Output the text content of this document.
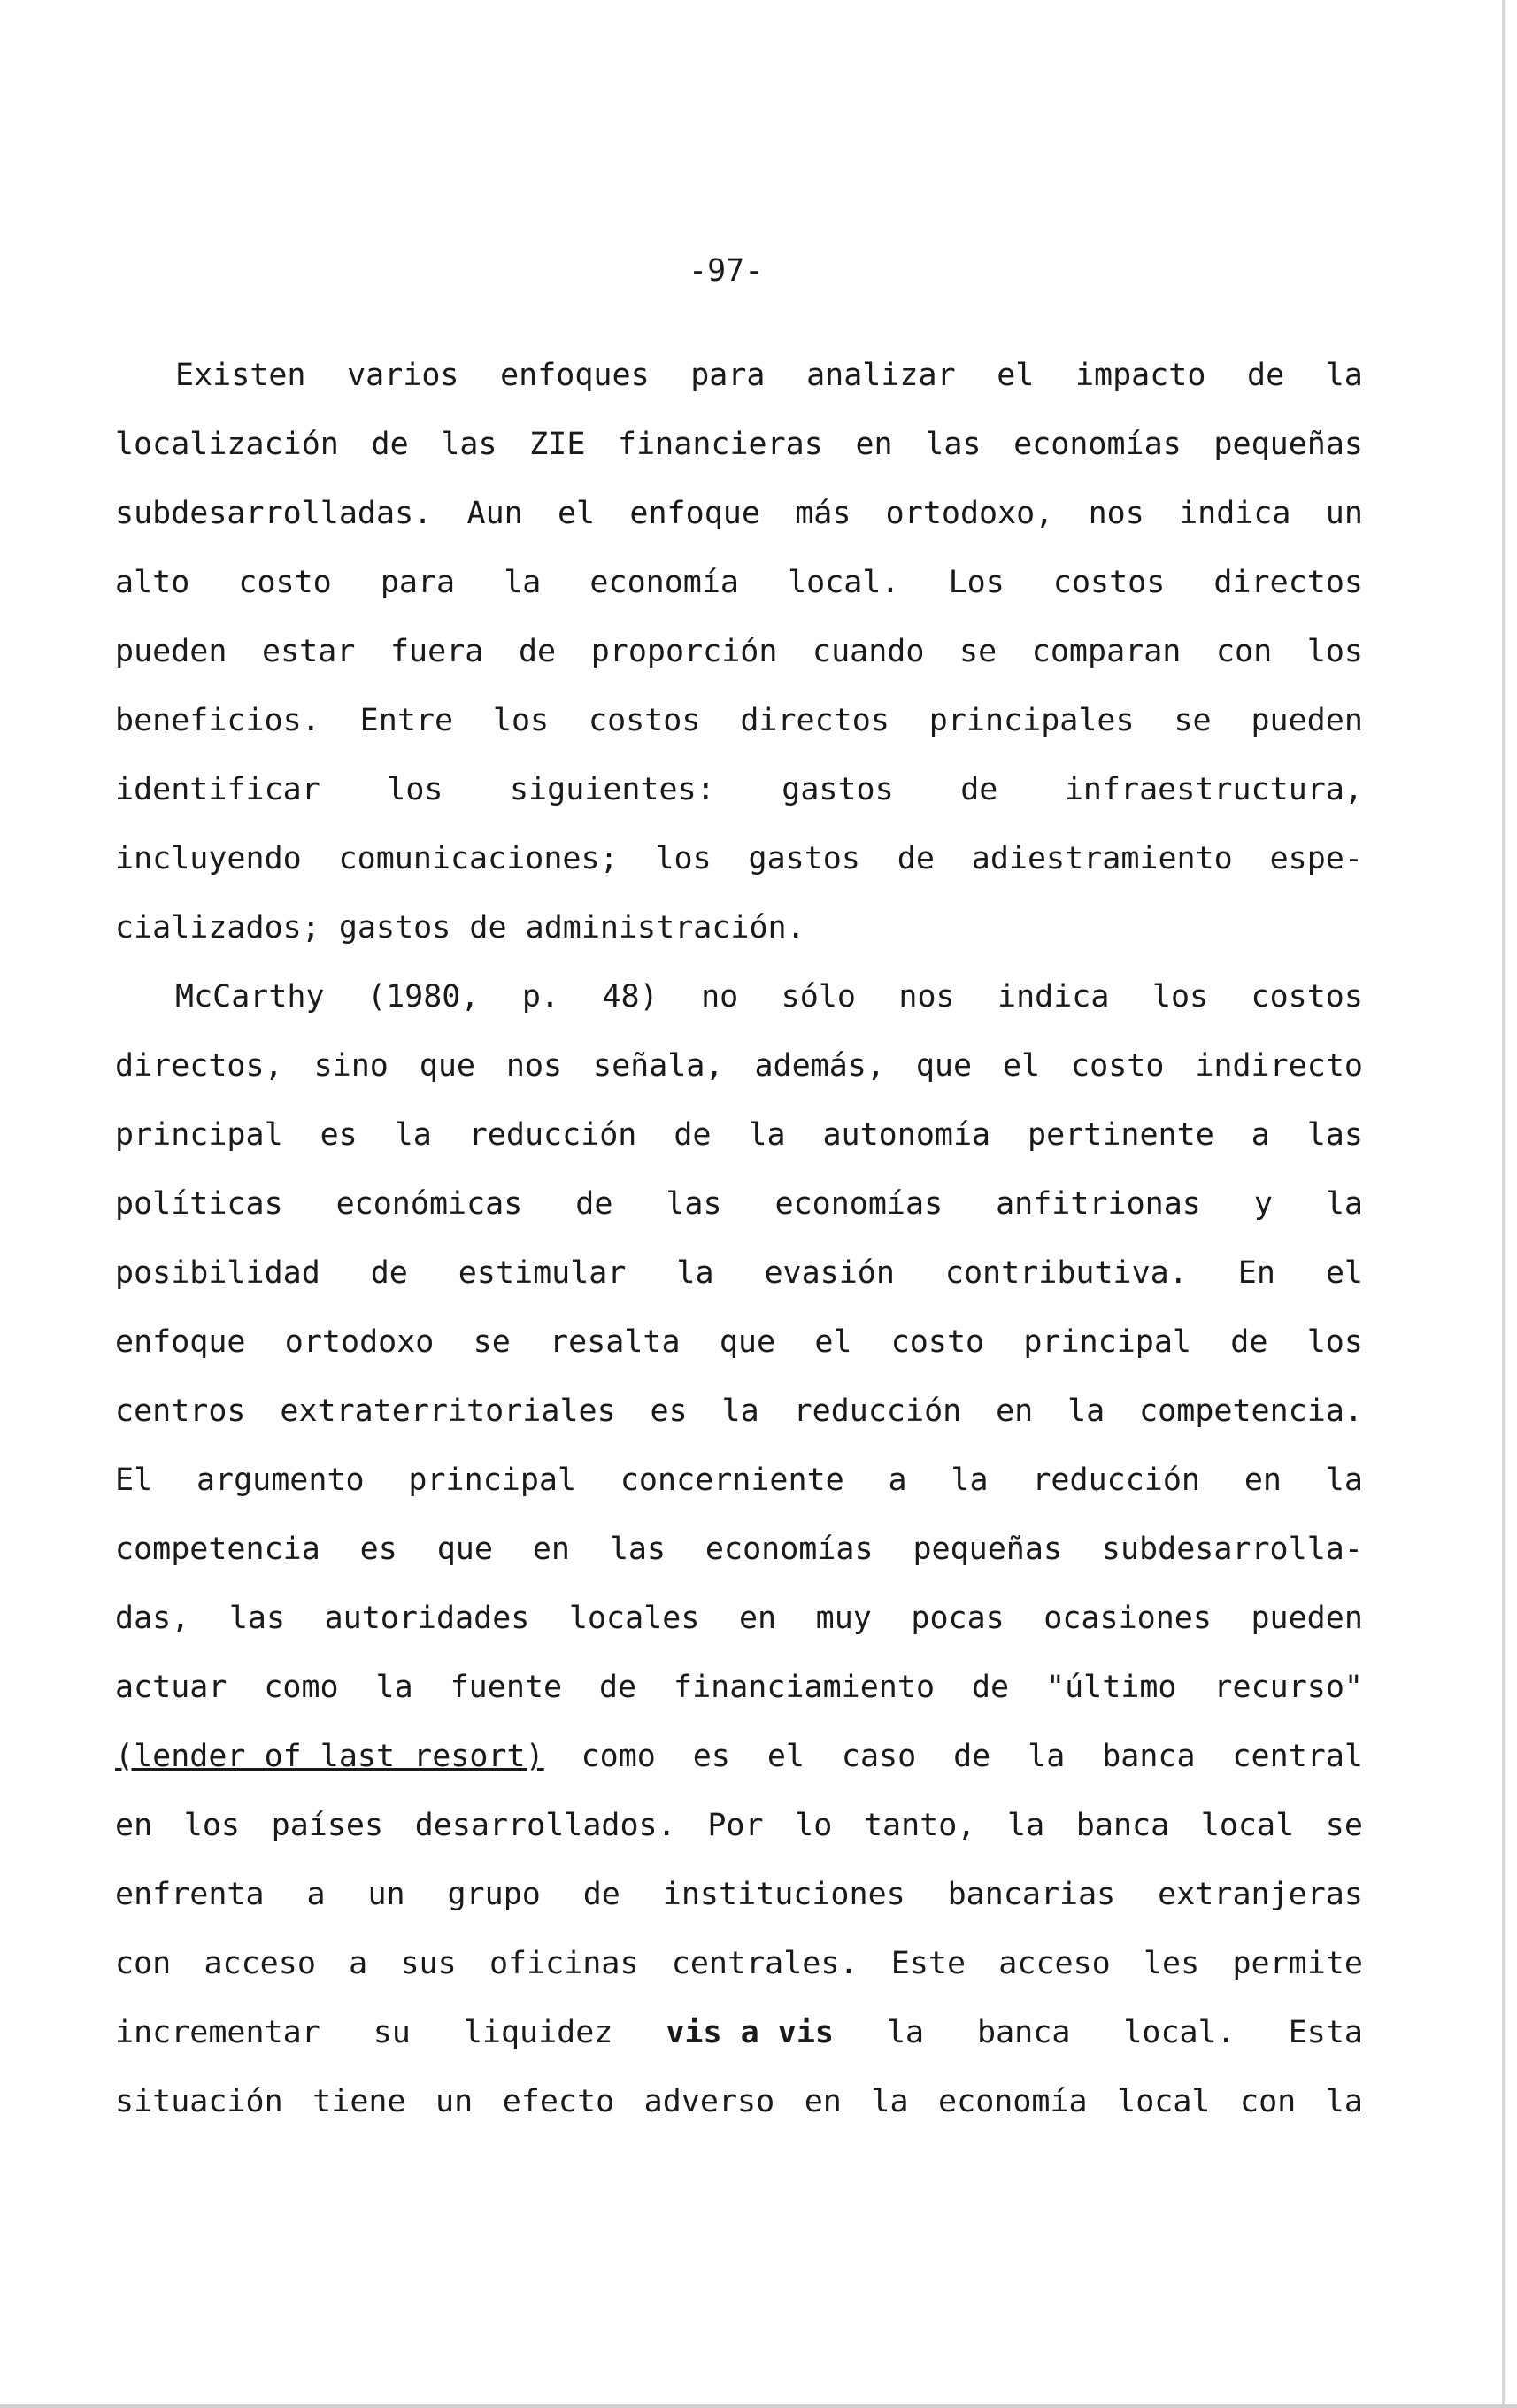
-97-
Existen varios enfoques para analizar el impacto de la
localización de las ZIE financieras en las economías pequeñas
subdesarrolladas. Aun el enfoque más ortodoxo, nos indica un
alto costo para la economía local. Los costos directos
pueden estar fuera de proporción cuando se comparan con los
beneficios. Entre los costos directos principales se pueden
identificar los siguientes: gastos de infraestructura,
incluyendo comunicaciones; los gastos de adiestramiento espe-
cializados;
gastos
de
administración.
McCarthy (1980, p. 48) no sólo nos indica los costos
directos, sino que nos señala, además, que el costo indirecto
principal es la reducción de la autonomía pertinente a las
políticas económicas de las economías anfitrionas y la
posibilidad de estimular la evasión contributiva. En el
enfoque ortodoxo se resalta que el costo principal de los
centros extraterritoriales es la reducción en la competencia.
El argumento principal concerniente a la reducción en la
competencia es que en las economías pequeñas subdesarrolla-
das, las autoridades locales en muy pocas ocasiones pueden
actuar como la fuente de financiamiento de "último recurso"
(lender of last resort) como es el caso de la banca central
en los países desarrollados. Por lo tanto, la banca local se
enfrenta a un grupo de instituciones bancarias extranjeras
con acceso a sus oficinas centrales. Este acceso les permite
incrementar su liquidez vis a vis la banca local. Esta
situación tiene un efecto adverso en la economía local con la
